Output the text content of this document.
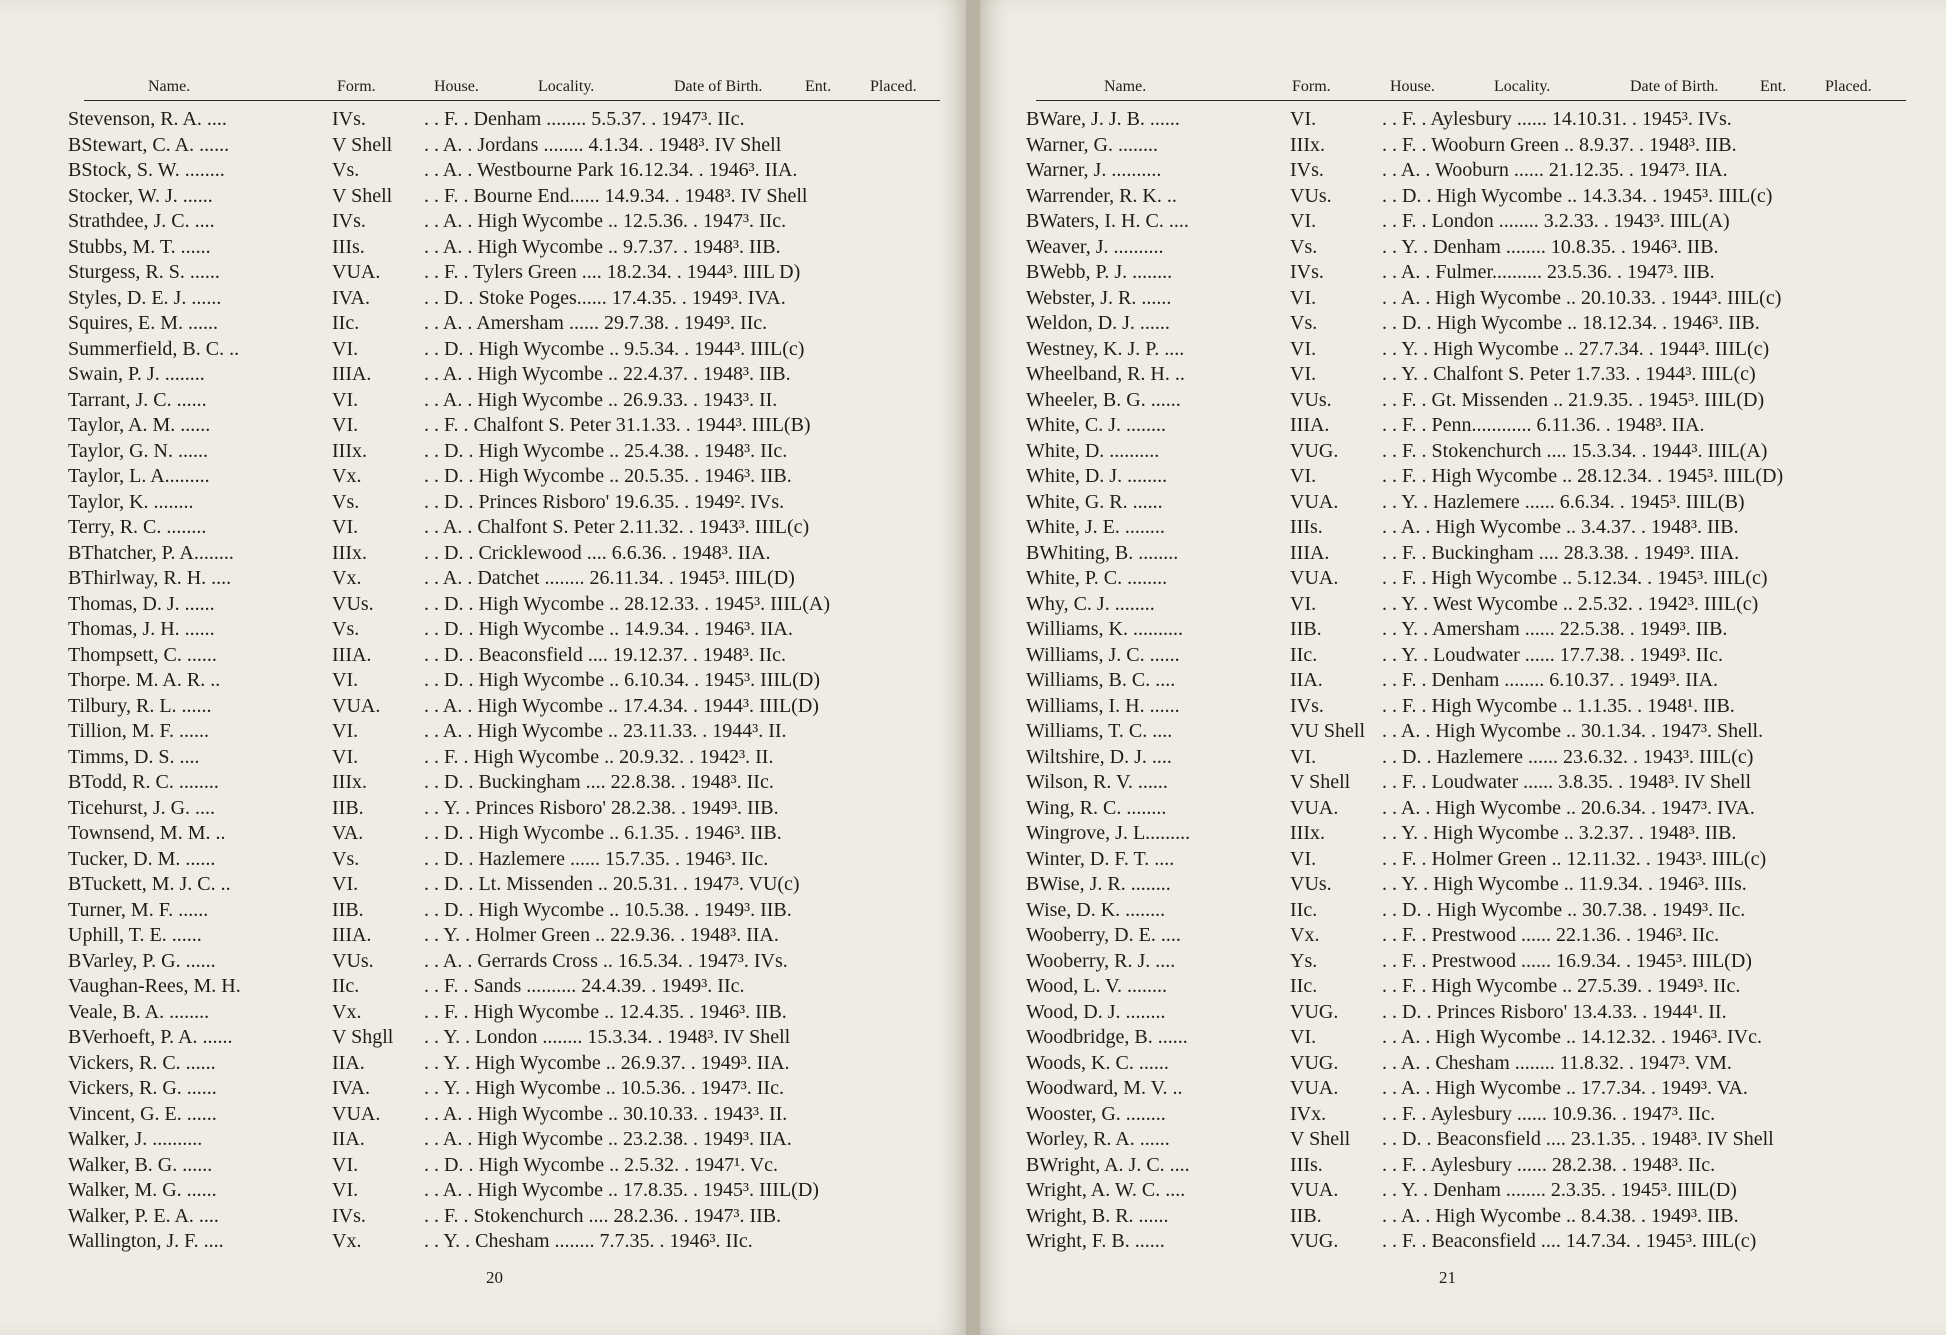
Name.	Form.	House.	Locality.	Date of Birth.	Ent. Placed.
Stevenson, R. A. ....	IVs.	. . F. . Denham ........ 5.5.37. . 1947³. IIc.
BStewart, C. A. ......	V Shell . . A. . Jordans ........ 4.1.34. . 1948³. IV Shell
BStock, S. W. ........	Vs.	. . A. . Westbourne Park 16.12.34. . 1946³. IIA.
Stocker, W. J. ......	V Shell . . F. . Bourne End...... 14.9.34. . 1948³. IV Shell
Strathdee, J. C. ....	IVs.	. . A. . High Wycombe .. 12.5.36. . 1947³. IIc.
Stubbs, M. T. ......	IIIs.	. . A. . High Wycombe .. 9.7.37. . 1948³. IIB.
Sturgess, R. S. ......	VUA. . . F. . Tylers Green .... 18.2.34. . 1944³. IIIL D)
Styles, D. E. J. ......	IVA.	. . D. . Stoke Poges...... 17.4.35. . 1949³. IVA.
Squires, E. M. ......	IIc.	. . A. . Amersham ...... 29.7.38. . 1949³. IIc.
Summerfield, B. C. ..	VI.	. . D. . High Wycombe .. 9.5.34. . 1944³. IIIL(c)
Swain, P. J. ........	IIIA.	. . A. . High Wycombe .. 22.4.37. . 1948³. IIB.
Tarrant, J. C. ......	VI.	. . A. . High Wycombe .. 26.9.33. . 1943³. II.
Taylor, A. M. ......	VI.	. . F. . Chalfont S. Peter 31.1.33. . 1944³. IIIL(B)
Taylor, G. N. ......	IIIx.	. . D. . High Wycombe .. 25.4.38. . 1948³. IIc.
Taylor, L. A.........	Vx.	. . D. . High Wycombe .. 20.5.35. . 1946³. IIB.
Taylor, K. ........	Vs.	. . D. . Princes Risboro' 19.6.35. . 1949². IVs.
Terry, R. C. ........	VI.	. . A. . Chalfont S. Peter 2.11.32. . 1943³. IIIL(c)
BThatcher, P. A........	IIIx.	. . D. . Cricklewood .... 6.6.36. . 1948³. IIA.
BThirlway, R. H. ....	Vx.	. . A. . Datchet ........ 26.11.34. . 1945³. IIIL(D)
Thomas, D. J. ......	VUs.	. . D. . High Wycombe .. 28.12.33. . 1945³. IIIL(A)
Thomas, J. H. ......	Vs.	. . D. . High Wycombe .. 14.9.34. . 1946³. IIA.
Thompsett, C. ......	IIIA.	. . D. . Beaconsfield .... 19.12.37. . 1948³. IIc.
Thorpe. M. A. R. ..	VI.	. . D. . High Wycombe .. 6.10.34. . 1945³. IIIL(D)
Tilbury, R. L. ......	VUA. . . A. . High Wycombe .. 17.4.34. . 1944³. IIIL(D)
Tillion, M. F. ......	VI.	. . A. . High Wycombe .. 23.11.33. . 1944³. II.
Timms, D. S. ....	VI.	. . F. . High Wycombe .. 20.9.32. . 1942³. II.
BTodd, R. C. ........	IIIx.	. . D. . Buckingham .... 22.8.38. . 1948³. IIc.
Ticehurst, J. G. ....	IIB.	. . Y. . Princes Risboro' 28.2.38. . 1949³. IIB.
Townsend, M. M. ..	VA.	. . D. . High Wycombe .. 6.1.35. . 1946³. IIB.
Tucker, D. M. ......	Vs.	. . D. . Hazlemere ...... 15.7.35. . 1946³. IIc.
BTuckett, M. J. C. ..	VI.	. . D. . Lt. Missenden .. 20.5.31. . 1947³. VU(c)
Turner, M. F. ......	IIB.	. . D. . High Wycombe .. 10.5.38. . 1949³. IIB.
Uphill, T. E. ......	IIIA.	. . Y. . Holmer Green .. 22.9.36. . 1948³. IIA.
BVarley, P. G. ......	VUs.	. . A. . Gerrards Cross .. 16.5.34. . 1947³. IVs.
Vaughan-Rees, M. H.	IIc.	. . F. . Sands .......... 24.4.39. . 1949³. IIc.
Veale, B. A. ........	Vx.	. . F. . High Wycombe .. 12.4.35. . 1946³. IIB.
BVerhoeft, P. A. ......	V Shgll . . Y. . London ........ 15.3.34. . 1948³. IV Shell
Vickers, R. C. ......	IIA.	. . Y. . High Wycombe .. 26.9.37. . 1949³. IIA.
Vickers, R. G. ......	IVA.	. . Y. . High Wycombe .. 10.5.36. . 1947³. IIc.
Vincent, G. E. ......	VUA. . . A. . High Wycombe .. 30.10.33. . 1943³. II.
Walker, J. ..........	IIA.	. . A. . High Wycombe .. 23.2.38. . 1949³. IIA.
Walker, B. G. ......	VI.	. . D. . High Wycombe .. 2.5.32. . 1947¹. Vc.
Walker, M. G. ......	VI.	. . A. . High Wycombe .. 17.8.35. . 1945³. IIIL(D)
Walker, P. E. A. ....	IVs.	. . F. . Stokenchurch .... 28.2.36. . 1947³. IIB.
Wallington, J. F. ....	Vx.	. . Y. . Chesham ........ 7.7.35. . 1946³. IIc.
20
Name.	Form.	House.	Locality.	Date of Birth.	Ent. Placed.
BWare, J. J. B. ......	VI.	. . F. . Aylesbury ...... 14.10.31. . 1945³. IVs.
Warner, G. ........	IIIx.	. . F. . Wooburn Green .. 8.9.37. . 1948³. IIB.
Warner, J. ..........	IVs.	. . A. . Wooburn ...... 21.12.35. . 1947³. IIA.
Warrender, R. K. ..	VUs.	. . D. . High Wycombe .. 14.3.34. . 1945³. IIIL(c)
BWaters, I. H. C. ....	VI.	. . F. . London ........ 3.2.33. . 1943³. IIIL(A)
Weaver, J. ..........	Vs.	. . Y. . Denham ........ 10.8.35. . 1946³. IIB.
BWebb, P. J. ........	IVs.	. . A. . Fulmer.......... 23.5.36. . 1947³. IIB.
Webster, J. R. ......	VI.	. . A. . High Wycombe .. 20.10.33. . 1944³. IIIL(c)
Weldon, D. J. ......	Vs.	. . D. . High Wycombe .. 18.12.34. . 1946³. IIB.
Westney, K. J. P. ....	VI.	. . Y. . High Wycombe .. 27.7.34. . 1944³. IIIL(c)
Wheelband, R. H. ..	VI.	. . Y. . Chalfont S. Peter 1.7.33. . 1944³. IIIL(c)
Wheeler, B. G. ......	VUs.	. . F. . Gt. Missenden .. 21.9.35. . 1945³. IIIL(D)
White, C. J. ........	IIIA.	. . F. . Penn............ 6.11.36. . 1948³. IIA.
White, D. ..........	VUG. . . F. . Stokenchurch .... 15.3.34. . 1944³. IIIL(A)
White, D. J. ........	VI.	. . F. . High Wycombe .. 28.12.34. . 1945³. IIIL(D)
White, G. R. ......	VUA. . . Y. . Hazlemere ...... 6.6.34. . 1945³. IIIL(B)
White, J. E. ........	IIIs.	. . A. . High Wycombe .. 3.4.37. . 1948³. IIB.
BWhiting, B. ........	IIIA.	. . F. . Buckingham .... 28.3.38. . 1949³. IIIA.
White, P. C. ........	VUA. . . F. . High Wycombe .. 5.12.34. . 1945³. IIIL(c)
Why, C. J. ........	VI.	. . Y. . West Wycombe .. 2.5.32. . 1942³. IIIL(c)
Williams, K. ..........	IIB.	. . Y. . Amersham ...... 22.5.38. . 1949³. IIB.
Williams, J. C. ......	IIc.	. . Y. . Loudwater ...... 17.7.38. . 1949³. IIc.
Williams, B. C. ....	IIA.	. . F. . Denham ........ 6.10.37. . 1949³. IIA.
Williams, I. H. ......	IVs.	. . F. . High Wycombe .. 1.1.35. . 1948¹. IIB.
Williams, T. C. ....	VU Shell . . A. . High Wycombe .. 30.1.34. . 1947³. Shell.
Wiltshire, D. J. ....	VI.	. . D. . Hazlemere ...... 23.6.32. . 1943³. IIIL(c)
Wilson, R. V. ......	V Shell . . F. . Loudwater ...... 3.8.35. . 1948³. IV Shell
Wing, R. C. ........	VUA. . . A. . High Wycombe .. 20.6.34. . 1947³. IVA.
Wingrove, J. L.........	IIIx.	. . Y. . High Wycombe .. 3.2.37. . 1948³. IIB.
Winter, D. F. T. ....	VI.	. . F. . Holmer Green .. 12.11.32. . 1943³. IIIL(c)
BWise, J. R. ........	VUs.	. . Y. . High Wycombe .. 11.9.34. . 1946³. IIIs.
Wise, D. K. ........	IIc.	. . D. . High Wycombe .. 30.7.38. . 1949³. IIc.
Wooberry, D. E. ....	Vx.	. . F. . Prestwood ...... 22.1.36. . 1946³. IIc.
Wooberry, R. J. ....	Ys.	. . F. . Prestwood ...... 16.9.34. . 1945³. IIIL(D)
Wood, L. V. ........	IIc.	. . F. . High Wycombe .. 27.5.39. . 1949³. IIc.
Wood, D. J. ........	VUG. . . D. . Princes Risboro' 13.4.33. . 1944¹. II.
Woodbridge, B. ......	VI.	. . A. . High Wycombe .. 14.12.32. . 1946³. IVc.
Woods, K. C. ......	VUG. . . A. . Chesham ........ 11.8.32. . 1947³. VM.
Woodward, M. V. ..	VUA. . . A. . High Wycombe .. 17.7.34. . 1949³. VA.
Wooster, G. ........	IVx.	. . F. . Aylesbury ...... 10.9.36. . 1947³. IIc.
Worley, R. A. ......	V Shell . . D. . Beaconsfield .... 23.1.35. . 1948³. IV Shell
BWright, A. J. C. ....	IIIs.	. . F. . Aylesbury ...... 28.2.38. . 1948³. IIc.
Wright, A. W. C. ....	VUA. . . Y. . Denham ........ 2.3.35. . 1945³. IIIL(D)
Wright, B. R. ......	IIB.	. . A. . High Wycombe .. 8.4.38. . 1949³. IIB.
Wright, F. B. ......	VUG. . . F. . Beaconsfield .... 14.7.34. . 1945³. IIIL(c)
21
